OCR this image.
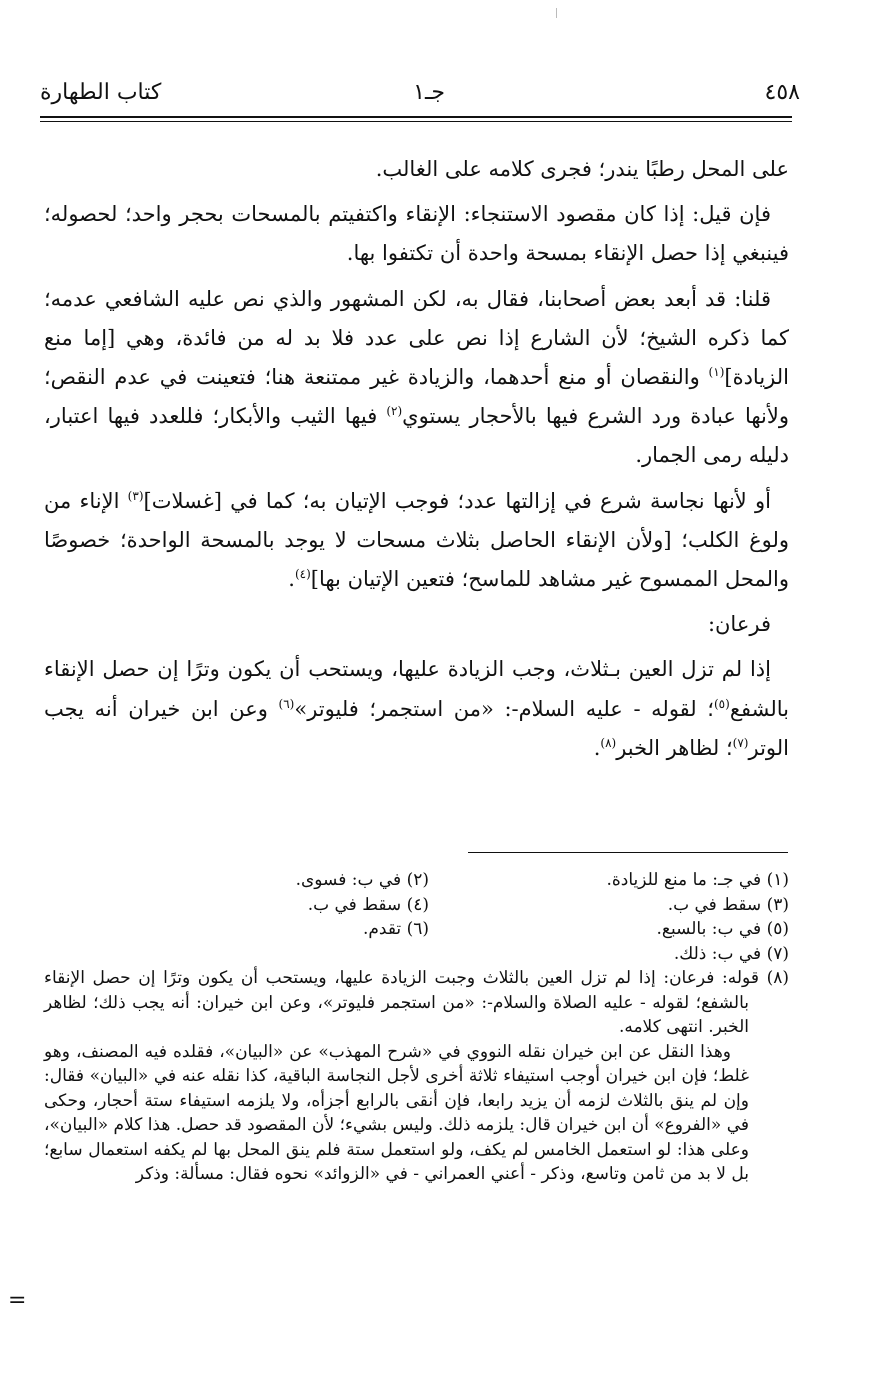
٤٥٨
جـ١
كتاب الطهارة

على المحل رطبًا يندر؛ فجرى كلامه على الغالب.

فإن قيل: إذا كان مقصود الاستنجاء: الإنقاء واكتفيتم بالمسحات بحجر واحد؛ لحصوله؛ فينبغي إذا حصل الإنقاء بمسحة واحدة أن تكتفوا بها.

قلنا: قد أبعد بعض أصحابنا، فقال به، لكن المشهور والذي نص عليه الشافعي عدمه؛ كما ذكره الشيخ؛ لأن الشارع إذا نص على عدد فلا بد له من فائدة، وهي [إما منع الزيادة]$^{(١)}$ والنقصان أو منع أحدهما، والزيادة غير ممتنعة هنا؛ فتعينت في عدم النقص؛ ولأنها عبادة ورد الشرع فيها بالأحجار يستوي$^{(٢)}$ فيها الثيب والأبكار؛ فللعدد فيها اعتبار، دليله رمى الجمار.

أو لأنها نجاسة شرع في إزالتها عدد؛ فوجب الإتيان به؛ كما في [غسلات]$^{(٣)}$ الإناء من ولوغ الكلب؛ [ولأن الإنقاء الحاصل بثلاث مسحات لا يوجد بالمسحة الواحدة؛ خصوصًا والمحل الممسوح غير مشاهد للماسح؛ فتعين الإتيان بها]$^{(٤)}$.

فرعان:

إذا لم تزل العين بـثلاث، وجب الزيادة عليها، ويستحب أن يكون وترًا إن حصل الإنقاء بالشفع$^{(٥)}$؛ لقوله - عليه السلام-: «من استجمر؛ فليوتر»$^{(٦)}$ وعن ابن خيران أنه يجب الوتر$^{(٧)}$؛ لظاهر الخبر$^{(٨)}$.

(١) في جـ: ما منع للزيادة.
(٢) في ب: فسوى.
(٣) سقط في ب.
(٤) سقط في ب.
(٥) في ب: بالسبع.
(٦) تقدم.
(٧) في ب: ذلك.

(٨) قوله: فرعان: إذا لم تزل العين بالثلاث وجبت الزيادة عليها، ويستحب أن يكون وترًا إن حصل الإنقاء بالشفع؛ لقوله - عليه الصلاة والسلام-: «من استجمر فليوتر»، وعن ابن خيران: أنه يجب ذلك؛ لظاهر الخبر. انتهى كلامه.

وهذا النقل عن ابن خيران نقله النووي في «شرح المهذب» عن «البيان»، فقلده فيه المصنف، وهو غلط؛ فإن ابن خيران أوجب استيفاء ثلاثة أخرى لأجل النجاسة الباقية، كذا نقله عنه في «البيان» فقال: وإن لم ينق بالثلاث لزمه أن يزيد رابعا، فإن أنقى بالرابع أجزأه، ولا يلزمه استيفاء ستة أحجار، وحكى في «الفروع» أن ابن خيران قال: يلزمه ذلك. وليس بشيء؛ لأن المقصود قد حصل. هذا كلام «البيان»، وعلى هذا: لو استعمل الخامس لم يكف، ولو استعمل ستة فلم ينق المحل بها لم يكفه استعمال سابع؛ بل لا بد من ثامن وتاسع، وذكر - أعني العمراني - في «الزوائد» نحوه فقال: مسألة: وذكر

=
